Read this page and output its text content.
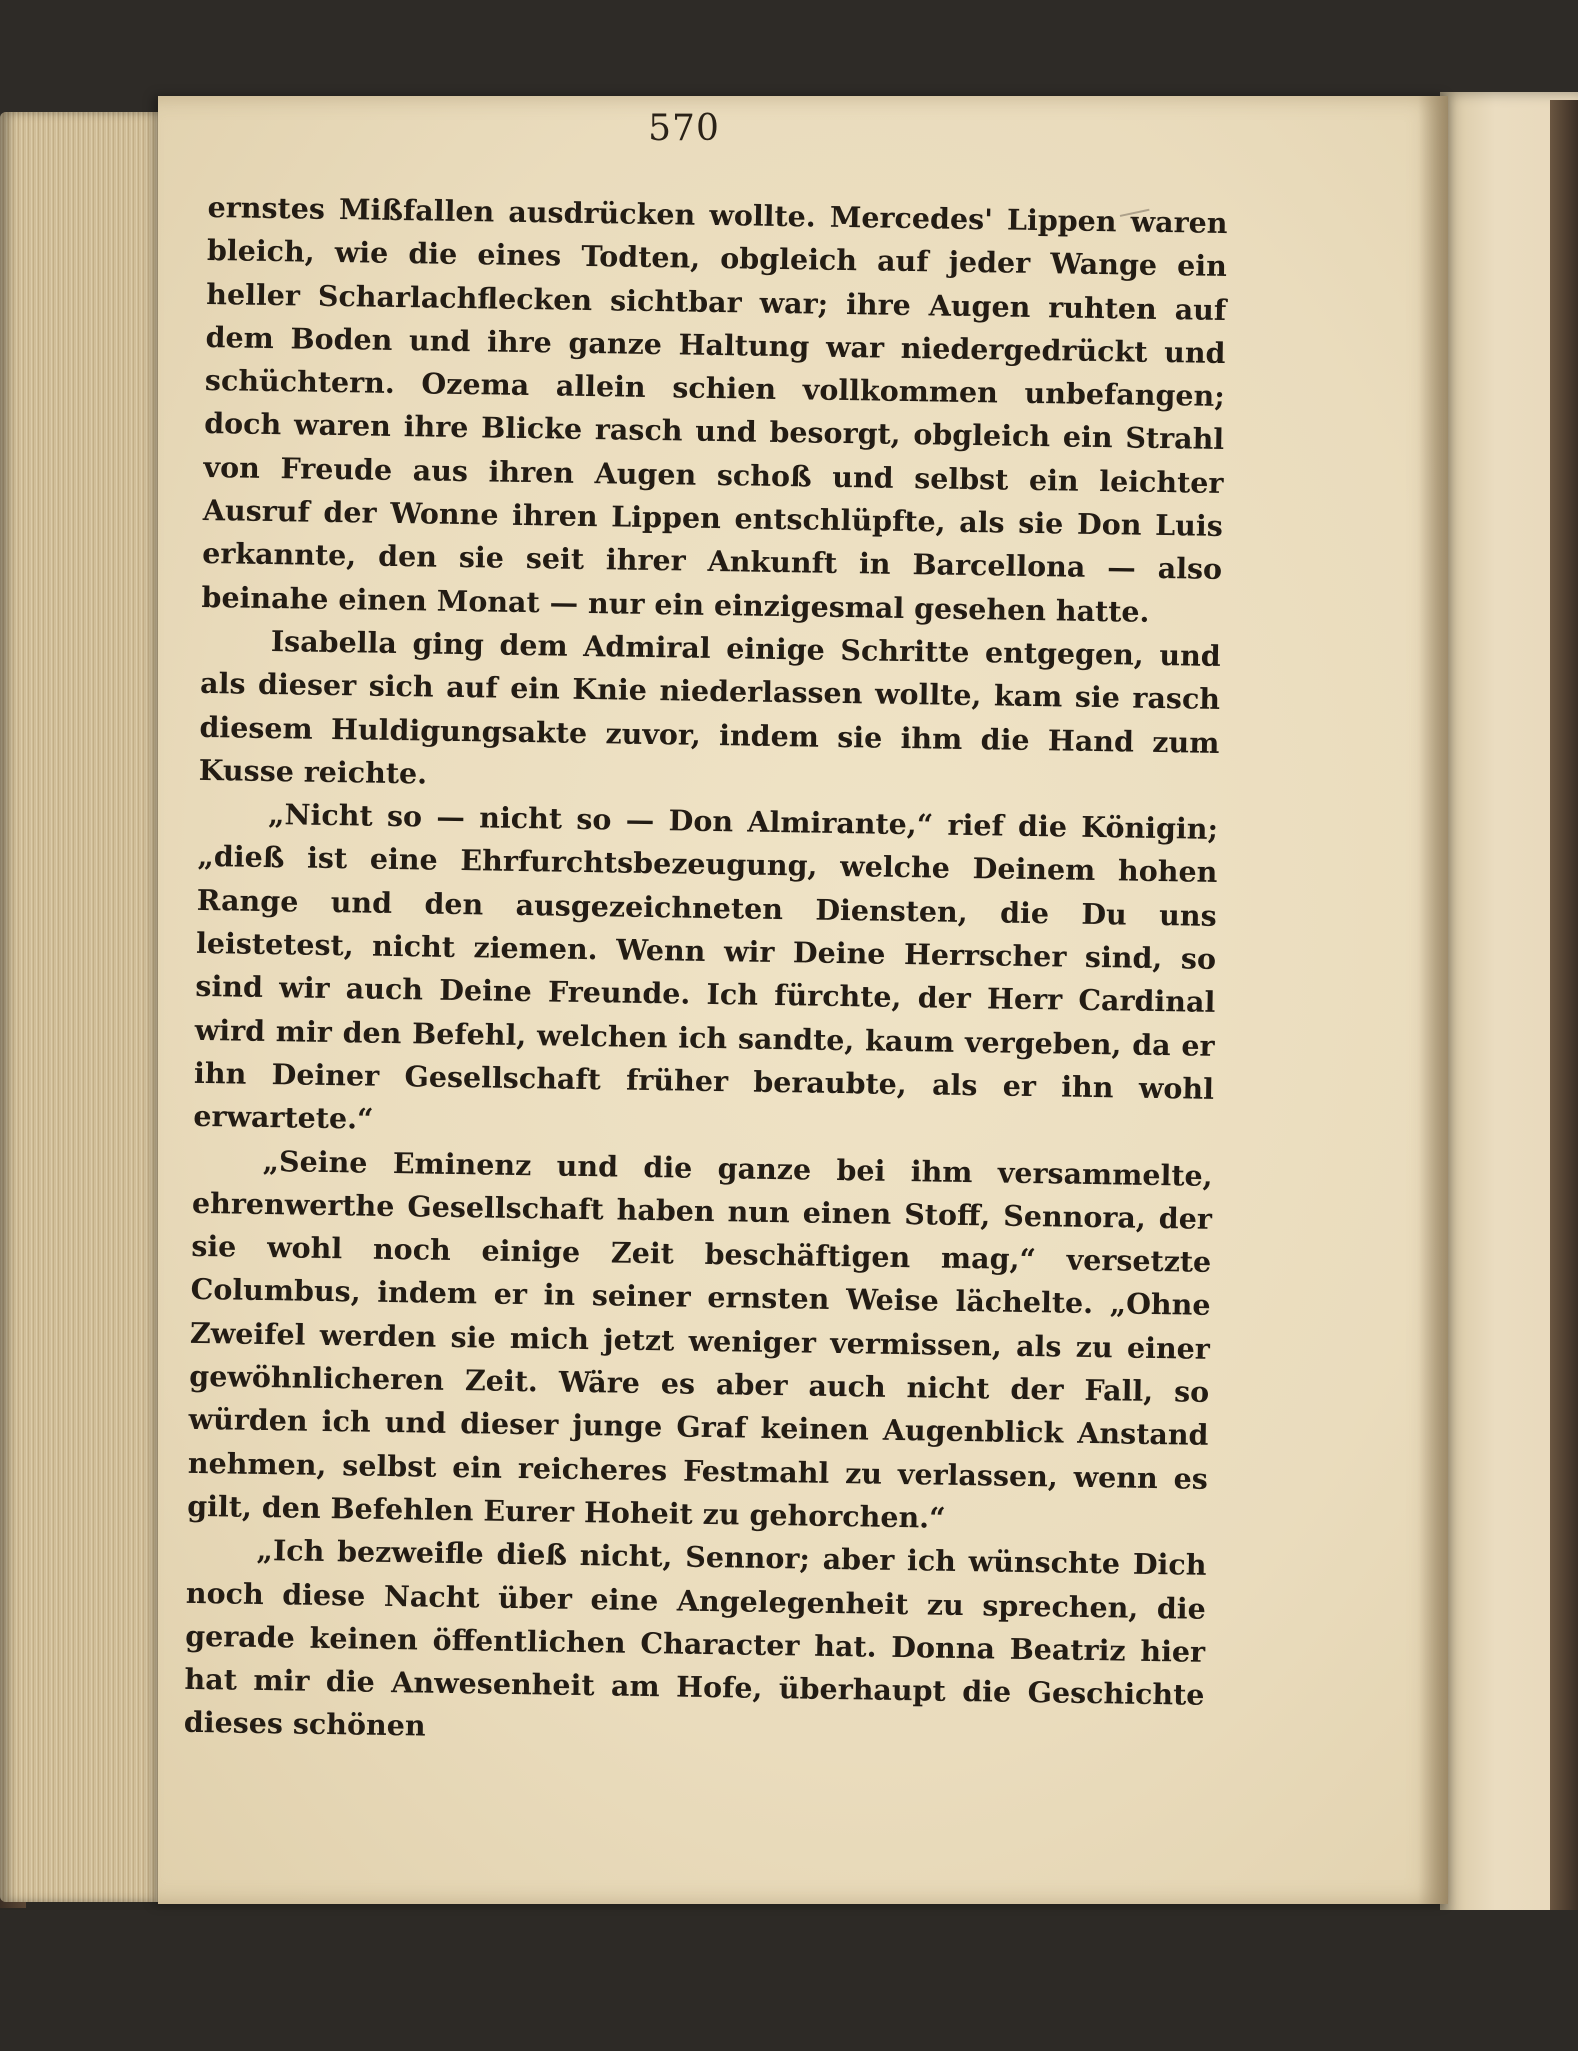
570

ernstes Mißfallen ausdrücken wollte. Mercedes' Lippen waren bleich, wie die eines Todten, obgleich auf jeder Wange ein heller Scharlachflecken sichtbar war; ihre Augen ruhten auf dem Boden und ihre ganze Haltung war niedergedrückt und schüchtern. Ozema allein schien vollkommen unbefangen; doch waren ihre Blicke rasch und besorgt, obgleich ein Strahl von Freude aus ihren Augen schoß und selbst ein leichter Ausruf der Wonne ihren Lippen entschlüpfte, als sie Don Luis erkannte, den sie seit ihrer Ankunft in Barcellona — also beinahe einen Monat — nur ein einzigesmal gesehen hatte.

Isabella ging dem Admiral einige Schritte entgegen, und als dieser sich auf ein Knie niederlassen wollte, kam sie rasch diesem Huldigungsakte zuvor, indem sie ihm die Hand zum Kusse reichte.

„Nicht so — nicht so — Don Almirante,“ rief die Königin; „dieß ist eine Ehrfurchtsbezeugung, welche Deinem hohen Range und den ausgezeichneten Diensten, die Du uns leistetest, nicht ziemen. Wenn wir Deine Herrscher sind, so sind wir auch Deine Freunde. Ich fürchte, der Herr Cardinal wird mir den Befehl, welchen ich sandte, kaum vergeben, da er ihn Deiner Gesellschaft früher beraubte, als er ihn wohl erwartete.“

„Seine Eminenz und die ganze bei ihm versammelte, ehrenwerthe Gesellschaft haben nun einen Stoff, Sennora, der sie wohl noch einige Zeit beschäftigen mag,“ versetzte Columbus, indem er in seiner ernsten Weise lächelte. „Ohne Zweifel werden sie mich jetzt weniger vermissen, als zu einer gewöhnlicheren Zeit. Wäre es aber auch nicht der Fall, so würden ich und dieser junge Graf keinen Augenblick Anstand nehmen, selbst ein reicheres Festmahl zu verlassen, wenn es gilt, den Befehlen Eurer Hoheit zu gehorchen.“

„Ich bezweifle dieß nicht, Sennor; aber ich wünschte Dich noch diese Nacht über eine Angelegenheit zu sprechen, die gerade keinen öffentlichen Character hat. Donna Beatriz hier hat mir die Anwesenheit am Hofe, überhaupt die Geschichte dieses schönen
